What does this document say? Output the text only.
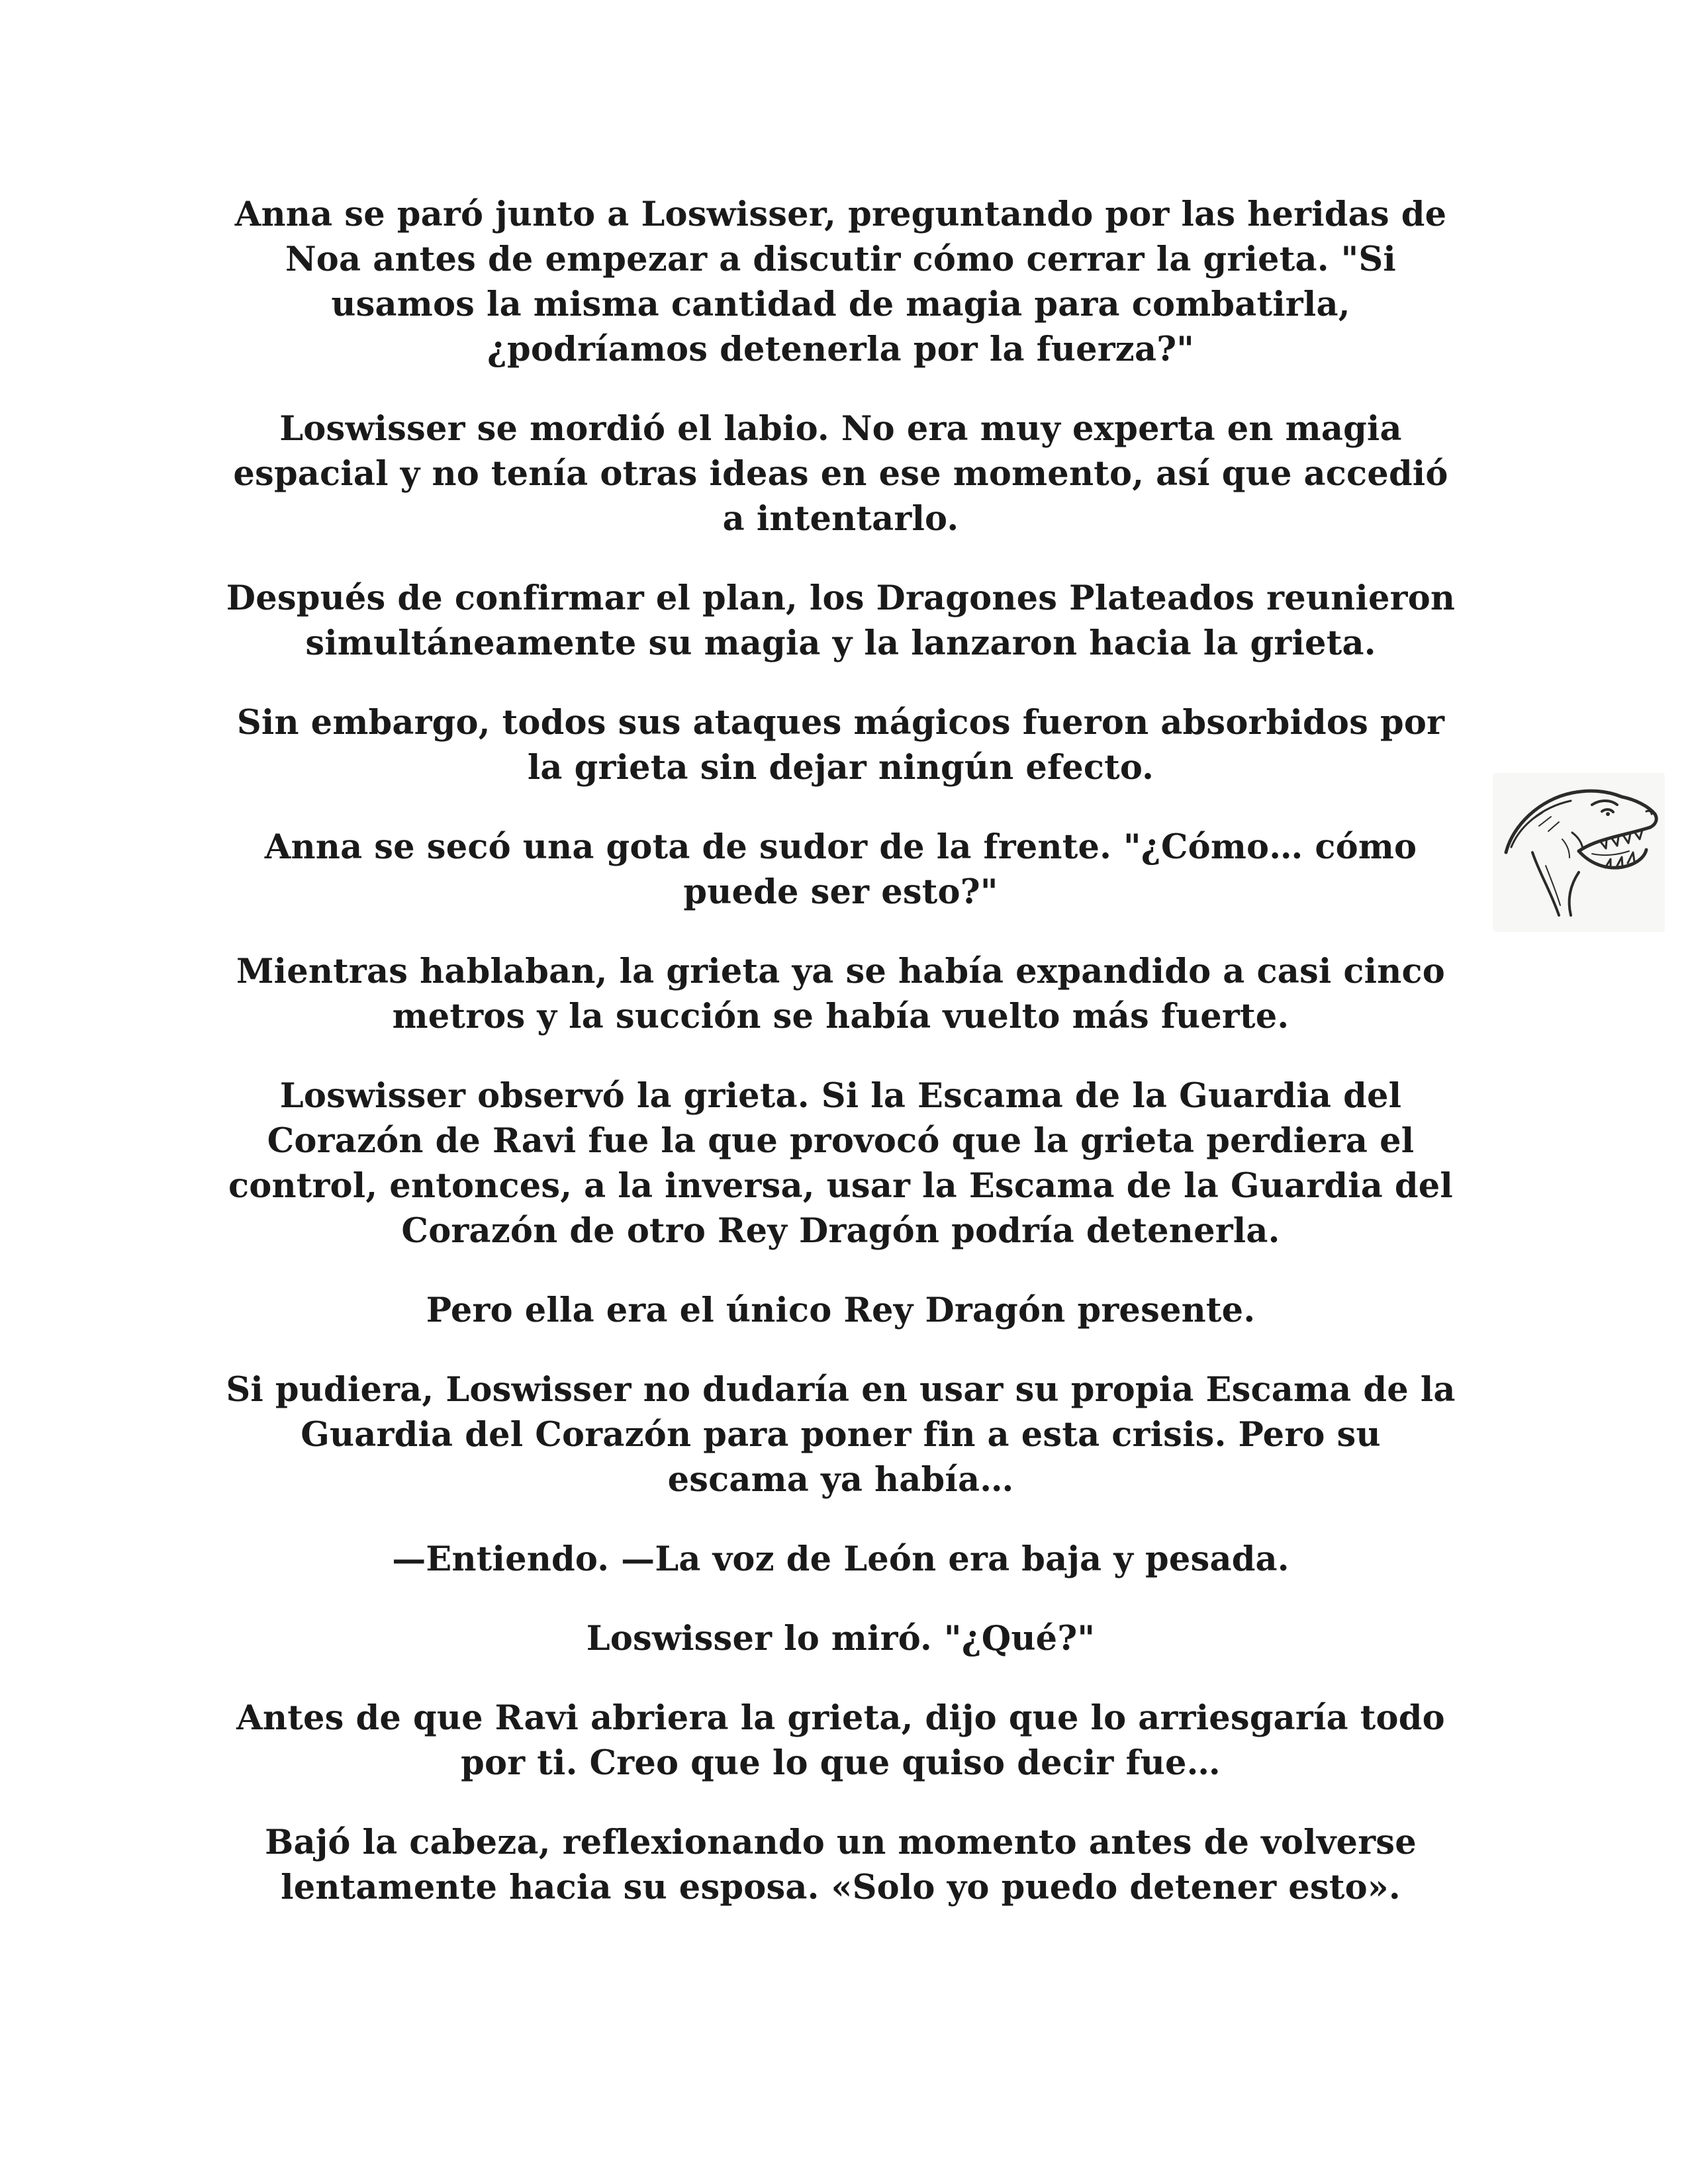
Anna se paró junto a Loswisser, preguntando por las heridas de Noa antes de empezar a discutir cómo cerrar la grieta. "Si usamos la misma cantidad de magia para combatirla, ¿podríamos detenerla por la fuerza?"

Loswisser se mordió el labio. No era muy experta en magia espacial y no tenía otras ideas en ese momento, así que accedió a intentarlo.

Después de confirmar el plan, los Dragones Plateados reunieron simultáneamente su magia y la lanzaron hacia la grieta.

Sin embargo, todos sus ataques mágicos fueron absorbidos por la grieta sin dejar ningún efecto.

Anna se secó una gota de sudor de la frente. "¿Cómo… cómo puede ser esto?"

Mientras hablaban, la grieta ya se había expandido a casi cinco metros y la succión se había vuelto más fuerte.

Loswisser observó la grieta. Si la Escama de la Guardia del Corazón de Ravi fue la que provocó que la grieta perdiera el control, entonces, a la inversa, usar la Escama de la Guardia del Corazón de otro Rey Dragón podría detenerla.

Pero ella era el único Rey Dragón presente.

Si pudiera, Loswisser no dudaría en usar su propia Escama de la Guardia del Corazón para poner fin a esta crisis. Pero su escama ya había…

—Entiendo. —La voz de León era baja y pesada.

Loswisser lo miró. "¿Qué?"

Antes de que Ravi abriera la grieta, dijo que lo arriesgaría todo por ti. Creo que lo que quiso decir fue…

Bajó la cabeza, reflexionando un momento antes de volverse lentamente hacia su esposa. «Solo yo puedo detener esto».
